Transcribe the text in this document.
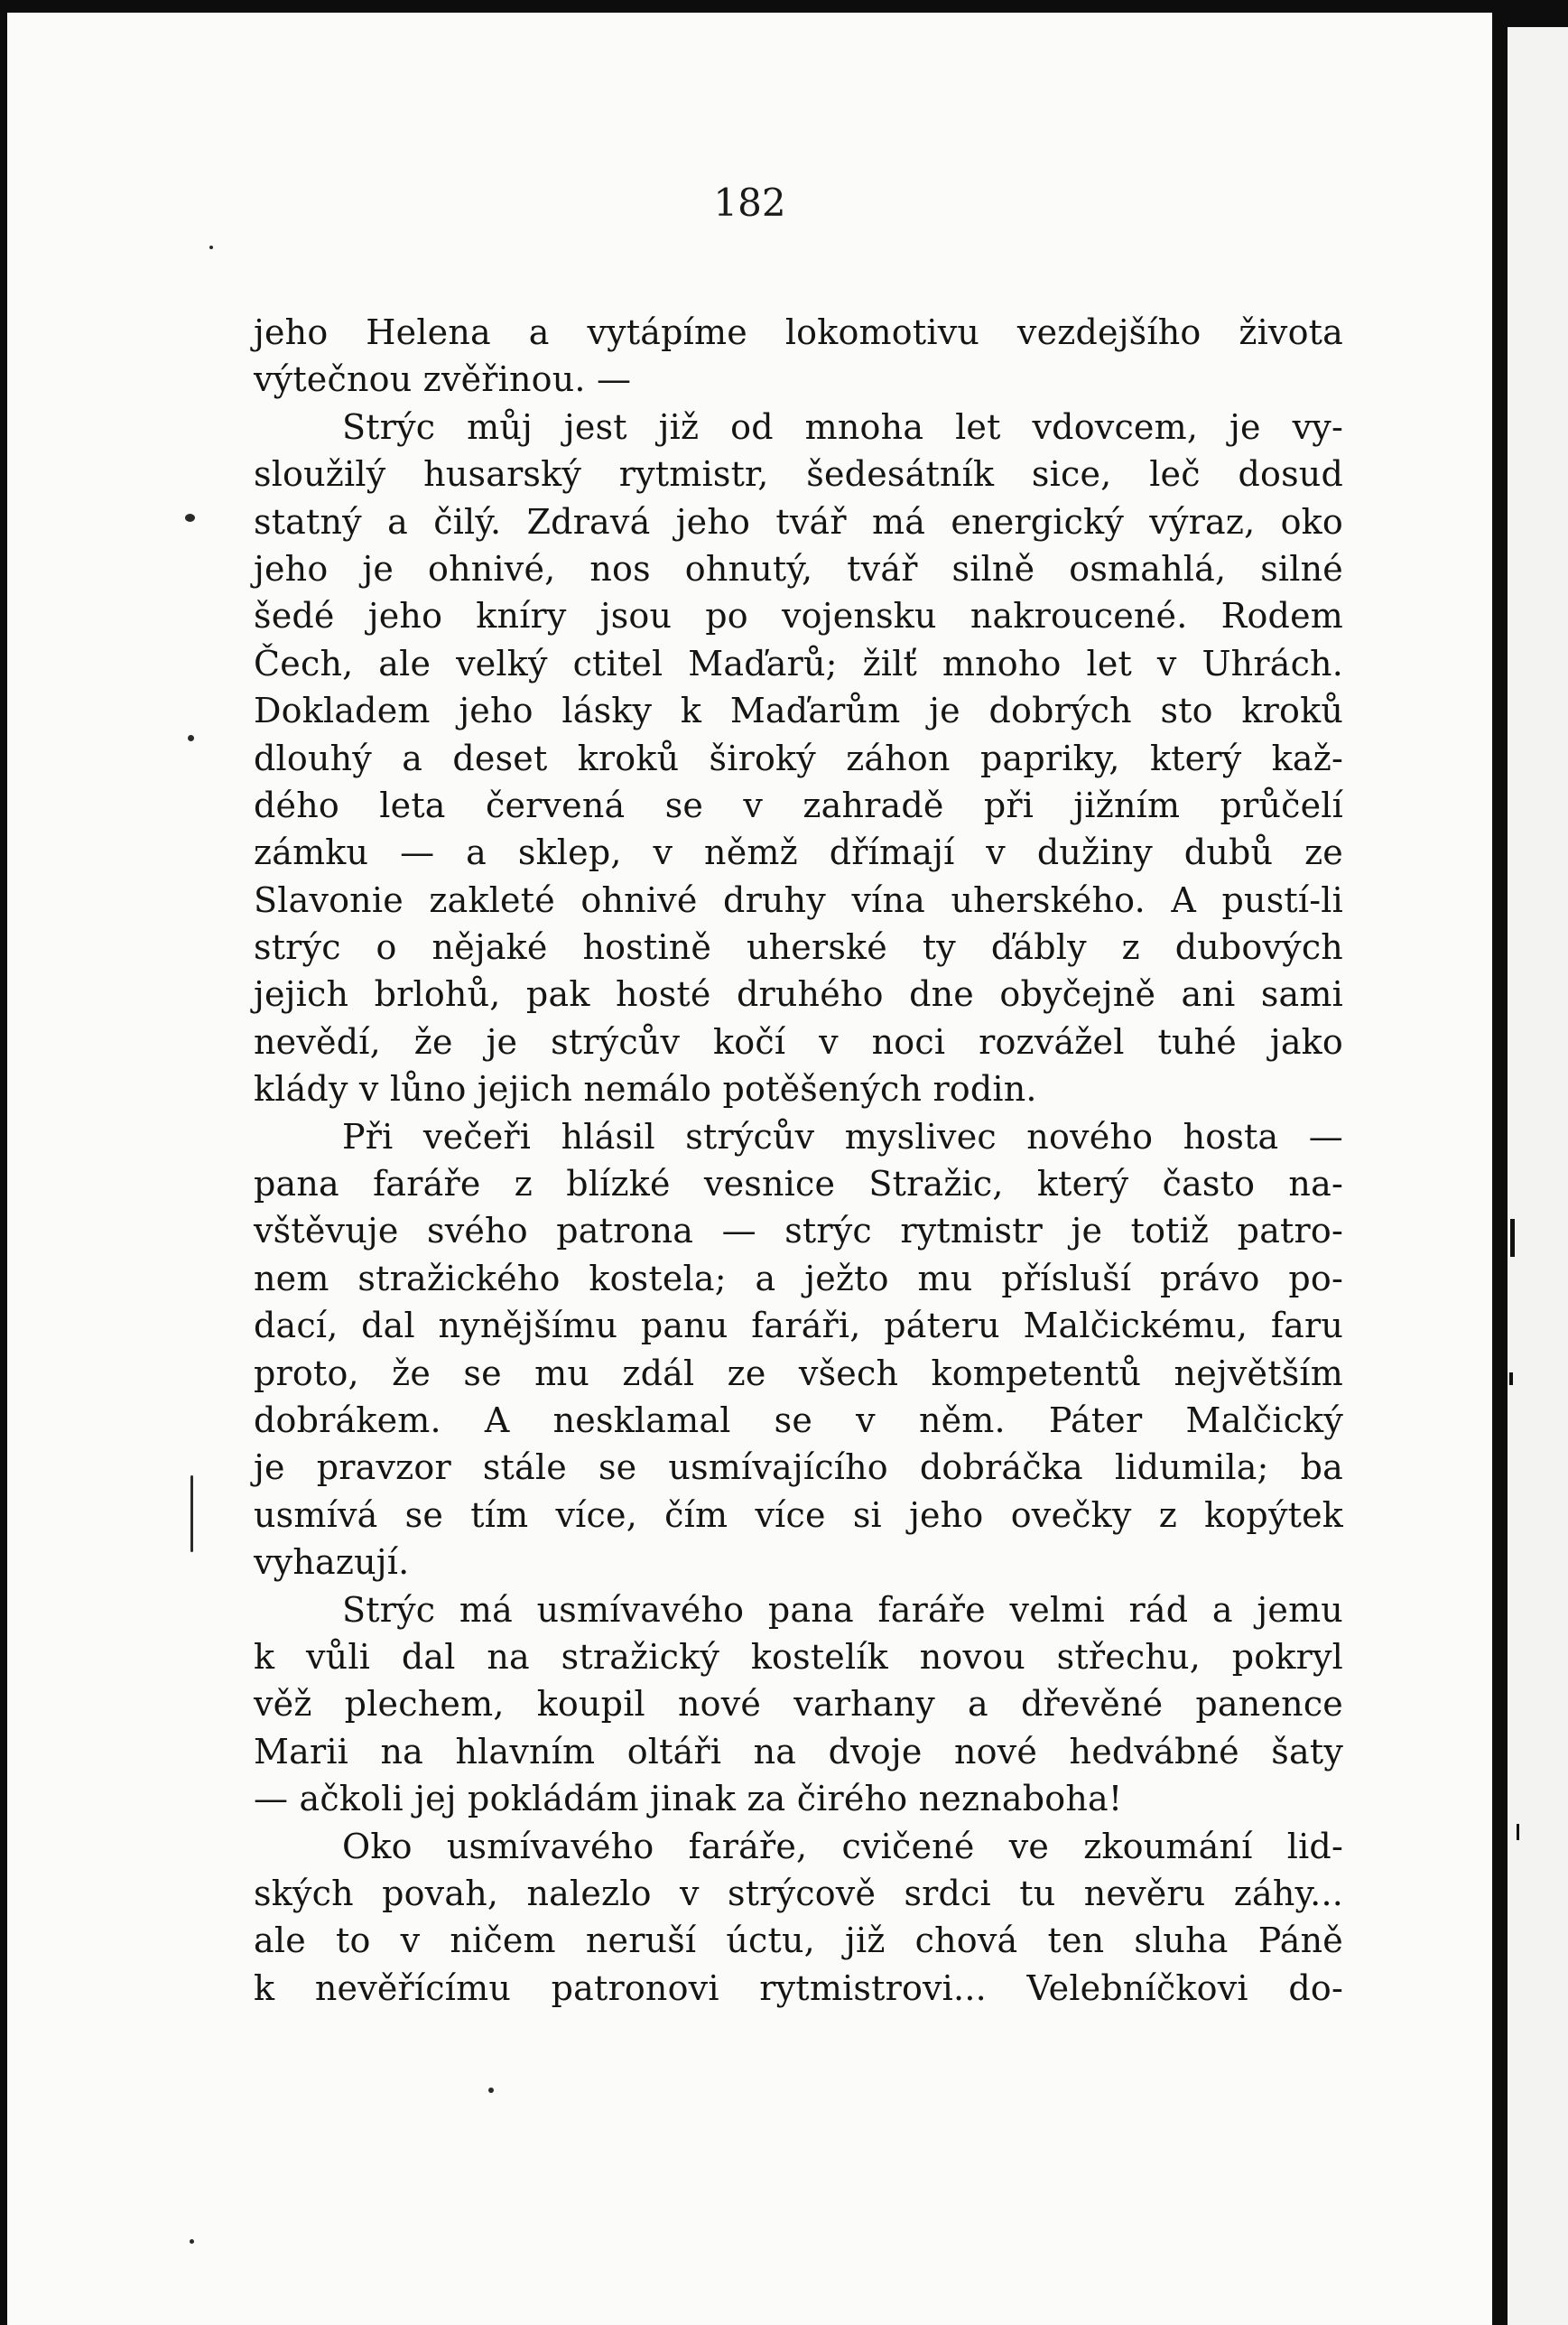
182

jeho Helena a vytápíme lokomotivu vezdejšího života
výtečnou zvěřinou. —
Strýc můj jest již od mnoha let vdovcem, je vy-
sloužilý husarský rytmistr, šedesátník sice, leč dosud
statný a čilý. Zdravá jeho tvář má energický výraz, oko
jeho je ohnivé, nos ohnutý, tvář silně osmahlá, silné
šedé jeho kníry jsou po vojensku nakroucené. Rodem
Čech, ale velký ctitel Maďarů; žilť mnoho let v Uhrách.
Dokladem jeho lásky k Maďarům je dobrých sto kroků
dlouhý a deset kroků široký záhon papriky, který kaž-
dého leta červená se v zahradě při jižním průčelí
zámku — a sklep, v němž dřímají v dužiny dubů ze
Slavonie zakleté ohnivé druhy vína uherského. A pustí-li
strýc o nějaké hostině uherské ty ďábly z dubových
jejich brlohů, pak hosté druhého dne obyčejně ani sami
nevědí, že je strýcův kočí v noci rozvážel tuhé jako
klády v lůno jejich nemálo potěšených rodin.
Při večeři hlásil strýcův myslivec nového hosta —
pana faráře z blízké vesnice Stražic, který často na-
vštěvuje svého patrona — strýc rytmistr je totiž patro-
nem stražického kostela; a ježto mu přísluší právo po-
dací, dal nynějšímu panu faráři, páteru Malčickému, faru
proto, že se mu zdál ze všech kompetentů největším
dobrákem. A nesklamal se v něm. Páter Malčický
je pravzor stále se usmívajícího dobráčka lidumila; ba
usmívá se tím více, čím více si jeho ovečky z kopýtek
vyhazují.
Strýc má usmívavého pana faráře velmi rád a jemu
k vůli dal na stražický kostelík novou střechu, pokryl
věž plechem, koupil nové varhany a dřevěné panence
Marii na hlavním oltáři na dvoje nové hedvábné šaty
— ačkoli jej pokládám jinak za čirého neznaboha!
Oko usmívavého faráře, cvičené ve zkoumání lid-
ských povah, nalezlo v strýcově srdci tu nevěru záhy...
ale to v ničem neruší úctu, již chová ten sluha Páně
k nevěřícímu patronovi rytmistrovi... Velebníčkovi do-
